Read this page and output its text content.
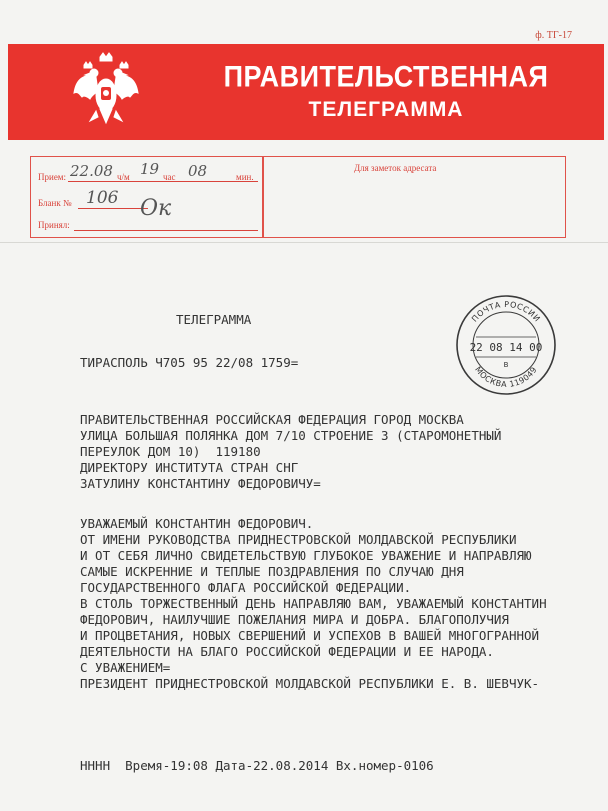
ф. ТГ-17
ПРАВИТЕЛЬСТВЕННАЯ
ТЕЛЕГРАММА
Прием: 22.08 ч/м 19 час 08	мин.
Бланк № 106
Принял:
Ок
Для заметок адресата
ПОЧТА РОССИИ
МОСКВА 119049
22 08 14 00
В
ТЕЛЕГРАММА
ТИРАСПОЛЬ Ч705 95 22/08 1759=
ПРАВИТЕЛЬСТВЕННАЯ РОССИЙСКАЯ ФЕДЕРАЦИЯ ГОРОД МОСКВА
УЛИЦА БОЛЬШАЯ ПОЛЯНКА ДОМ 7/10 СТРОЕНИЕ 3 (СТАРОМОНЕТНЫЙ
ПЕРЕУЛОК ДОМ 10)  119180
ДИРЕКТОРУ ИНСТИТУТА СТРАН СНГ
ЗАТУЛИНУ КОНСТАНТИНУ ФЕДОРОВИЧУ=
УВАЖАЕМЫЙ КОНСТАНТИН ФЕДОРОВИЧ.
ОТ ИМЕНИ РУКОВОДСТВА ПРИДНЕСТРОВСКОЙ МОЛДАВСКОЙ РЕСПУБЛИКИ
И ОТ СЕБЯ ЛИЧНО СВИДЕТЕЛЬСТВУЮ ГЛУБОКОЕ УВАЖЕНИЕ И НАПРАВЛЯЮ
САМЫЕ ИСКРЕННИЕ И ТЕПЛЫЕ ПОЗДРАВЛЕНИЯ ПО СЛУЧАЮ ДНЯ
ГОСУДАРСТВЕННОГО ФЛАГА РОССИЙСКОЙ ФЕДЕРАЦИИ.
В СТОЛЬ ТОРЖЕСТВЕННЫЙ ДЕНЬ НАПРАВЛЯЮ ВАМ, УВАЖАЕМЫЙ КОНСТАНТИН
ФЕДОРОВИЧ, НАИЛУЧШИЕ ПОЖЕЛАНИЯ МИРА И ДОБРА. БЛАГОПОЛУЧИЯ
И ПРОЦВЕТАНИЯ, НОВЫХ СВЕРШЕНИЙ И УСПЕХОВ В ВАШЕЙ МНОГОГРАННОЙ
ДЕЯТЕЛЬНОСТИ НА БЛАГО РОССИЙСКОЙ ФЕДЕРАЦИИ И ЕЕ НАРОДА.
С УВАЖЕНИЕМ=
ПРЕЗИДЕНТ ПРИДНЕСТРОВСКОЙ МОЛДАВСКОЙ РЕСПУБЛИКИ Е. В. ШЕВЧУК-
НННН  Время-19:08 Дата-22.08.2014 Вх.номер-0106
